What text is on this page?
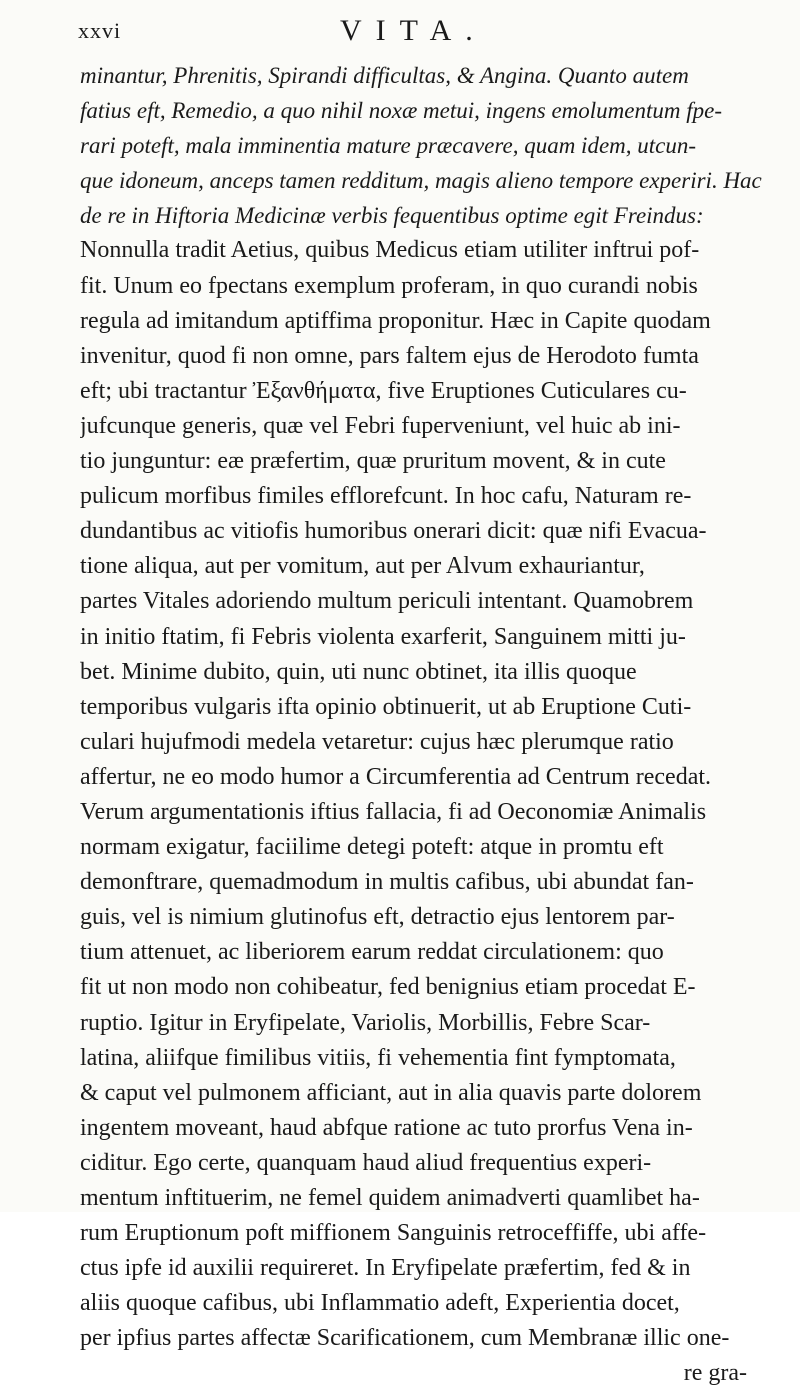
xxvi	VITA.
minantur, Phrenitis, Spirandi difficultas, & Angina. Quanto autem
fatius eft, Remedio, a quo nihil noxæ metui, ingens emolumentum fpe-
rari poteft, mala imminentia mature præcavere, quam idem, utcun-
que idoneum, anceps tamen redditum, magis alieno tempore experiri. Hac
de re in Hiftoria Medicinæ verbis fequentibus optime egit Freindus:
Nonnulla tradit Aetius, quibus Medicus etiam utiliter inftrui pof-
fit. Unum eo fpectans exemplum proferam, in quo curandi nobis
regula ad imitandum aptiffima proponitur. Hæc in Capite quodam
invenitur, quod fi non omne, pars faltem ejus de Herodoto fumta
eft; ubi tractantur Ἐξανθήματα, five Eruptiones Cuticulares cu-
jufcunque generis, quæ vel Febri fuperveniunt, vel huic ab ini-
tio junguntur: eæ præfertim, quæ pruritum movent, & in cute
pulicum morfibus fimiles efflorefcunt. In hoc cafu, Naturam re-
dundantibus ac vitiofis humoribus onerari dicit: quæ nifi Evacua-
tione aliqua, aut per vomitum, aut per Alvum exhauriantur,
partes Vitales adoriendo multum periculi intentant. Quamobrem
in initio ftatim, fi Febris violenta exarferit, Sanguinem mitti ju-
bet. Minime dubito, quin, uti nunc obtinet, ita illis quoque
temporibus vulgaris ifta opinio obtinuerit, ut ab Eruptione Cuti-
culari hujufmodi medela vetaretur: cujus hæc plerumque ratio
affertur, ne eo modo humor a Circumferentia ad Centrum recedat.
Verum argumentationis iftius fallacia, fi ad Oeconomiæ Animalis
normam exigatur, faciilime detegi poteft: atque in promtu eft
demonftrare, quemadmodum in multis cafibus, ubi abundat fan-
guis, vel is nimium glutinofus eft, detractio ejus lentorem par-
tium attenuet, ac liberiorem earum reddat circulationem: quo
fit ut non modo non cohibeatur, fed benignius etiam procedat E-
ruptio. Igitur in Eryfipelate, Variolis, Morbillis, Febre Scar-
latina, aliifque fimilibus vitiis, fi vehementia fint fymptomata,
& caput vel pulmonem afficiant, aut in alia quavis parte dolorem
ingentem moveant, haud abfque ratione ac tuto prorfus Vena in-
ciditur. Ego certe, quanquam haud aliud frequentius experi-
mentum inftituerim, ne femel quidem animadverti quamlibet ha-
rum Eruptionum poft miffionem Sanguinis retroceffiffe, ubi affe-
ctus ipfe id auxilii requireret. In Eryfipelate præfertim, fed & in
aliis quoque cafibus, ubi Inflammatio adeft, Experientia docet,
per ipfius partes affectæ Scarificationem, cum Membranæ illic one-
re gra-
